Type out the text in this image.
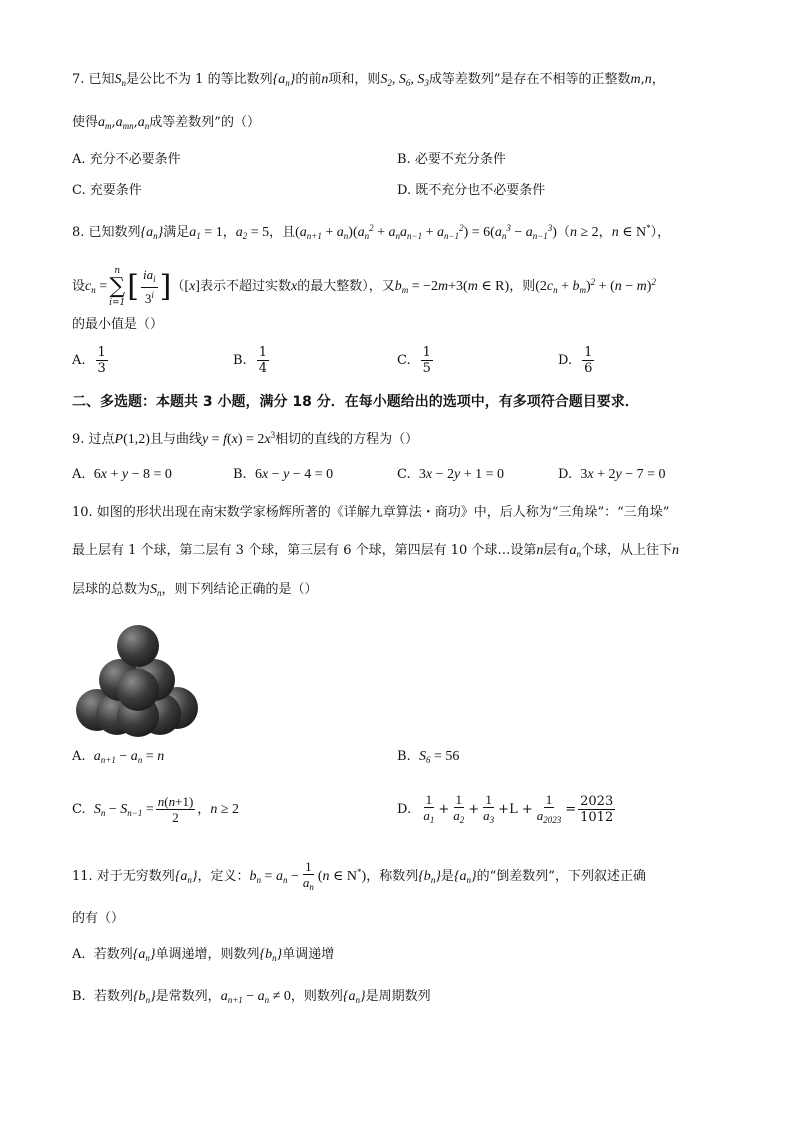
7. 已知$S_n$是公比不为 1 的等比数列$\{a_n\}$的前n项和，则$S_2$, $S_6$, $S_3$成等差数列”是存在不相等的正整数m,n，
使得$a_m,a_{mn},a_n$成等差数列”的（）
A. 充分不必要条件	B. 必要不充分条件
C. 充要条件	D. 既不充分也不必要条件
8. 已知数列$\{a_n\}$满足$a_1 = 1$，$a_2 = 5$，且$(a_{n+1} + a_n)(a_n^2 + a_na_{n-1} + a_{n-1}^2) = 6(a_n^3 - a_{n-1}^3)(n \ge 2$，n ∈ N*），
设$c_n$ =
n
∑
i=1 [ $\frac{ia_i}{3^i} ]([x]$表示不超过实数x的最大整数），又$b_m = -2m+3(m$ ∈ R)，则$(2c_n + b_m)^2 + (n - m)^2$
的最小值是（）
A. $\frac{1}{3}$	B. $\frac{1}{4}$	C. $\frac{1}{5}$	D. $\frac{1}{6}$
二、多选题：本题共 3 小题，满分 18 分．在每小题给出的选项中，有多项符合题目要求．
9. 过点P(1,2)且与曲线$y = f(x) = 2x^3$相切的直线的方程为（）
A.  6x + y − 8 = 0	B.  6x − y − 4 = 0	C.  3x − 2y + 1 = 0	D.  3x + 2y − 7 = 0
10. 如图的形状出现在南宋数学家杨辉所著的《详解九章算法・商功》中，后人称为“三角垛”：“三角垛”
最上层有 1 个球，第二层有 3 个球，第三层有 6 个球，第四层有 10 个球…设第n层有$a_n$个球，从上往下n
层球的总数为$S_n$，则下列结论正确的是（）
A.  $a_{n+1} - a_n = n$	B.  $S_6 = 56$
C.  $S_n - S_{n-1} = \frac{n(n+1)}{2}$ ，n ≥ 2	D. $\frac{1}{a_1} + \frac{1}{a_2} + \frac{1}{a_3} +L + \frac{1}{a_{2023}} = \frac{2023}{1012}$
11. 对于无穷数列$\{a_n\}$，定义：$b_n = a_n - \frac{1}{a_n} (n$ ∈ N*)，称数列$\{b_n\}$是$\{a_n\}$的“倒差数列”，下列叙述正确
的有（）
A.  若数列$\{a_n\}$单调递增，则数列$\{b_n\}$单调递增
B.  若数列$\{b_n\}$是常数列，$a_{n+1} - a_n \ne 0$，则数列$\{a_n\}$是周期数列
